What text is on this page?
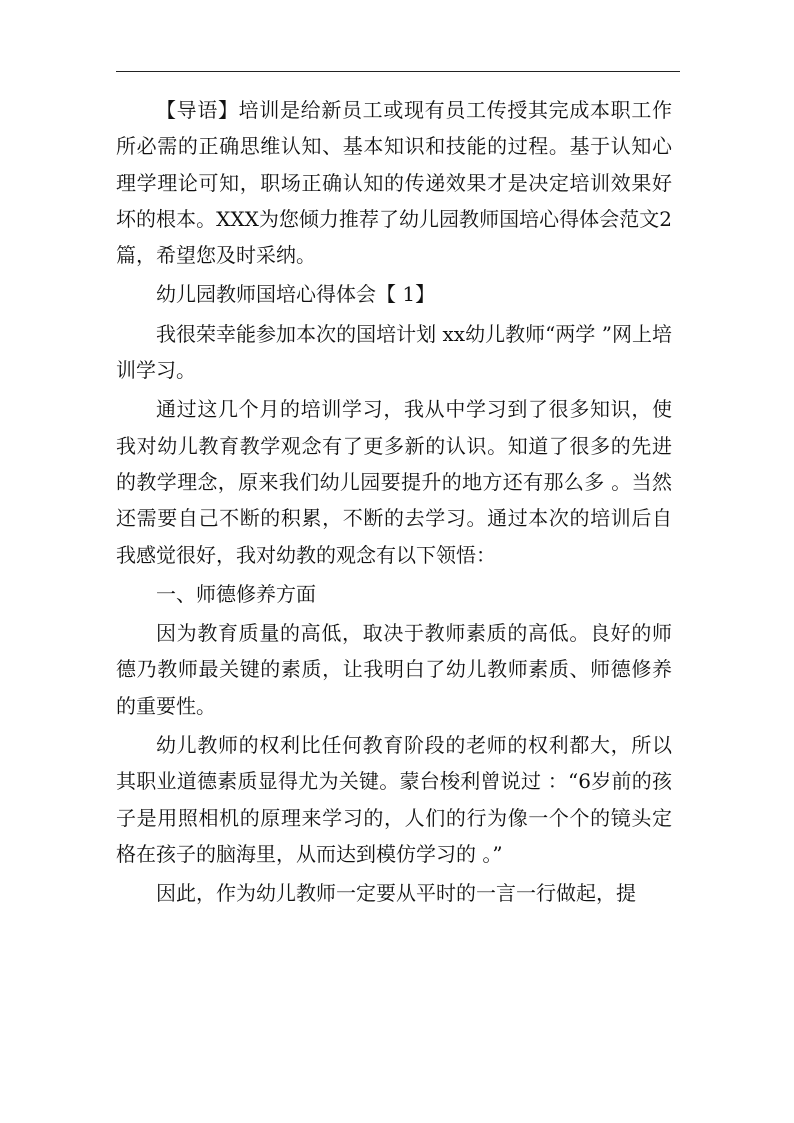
【导语】培训是给新员工或现有员工传授其完成本职工作所必需的正确思维认知、基本知识和技能的过程。基于认知心理学理论可知，职场正确认知的传递效果才是决定培训效果好坏的根本。XXX为您倾力推荐了幼儿园教师国培心得体会范文2篇，希望您及时采纳。

幼儿园教师国培心得体会【 1】

我很荣幸能参加本次的国培计划 xx幼儿教师“两学 ”网上培训学习。

通过这几个月的培训学习，我从中学习到了很多知识，使我对幼儿教育教学观念有了更多新的认识。知道了很多的先进的教学理念，原来我们幼儿园要提升的地方还有那么多 。当然还需要自己不断的积累，不断的去学习。通过本次的培训后自我感觉很好，我对幼教的观念有以下领悟：

一、师德修养方面

因为教育质量的高低，取决于教师素质的高低。良好的师德乃教师最关键的素质，让我明白了幼儿教师素质、师德修养的重要性。

幼儿教师的权利比任何教育阶段的老师的权利都大，所以其职业道德素质显得尤为关键。蒙台梭利曾说过 ：“6岁前的孩子是用照相机的原理来学习的，人们的行为像一个个的镜头定格在孩子的脑海里，从而达到模仿学习的 。”

因此，作为幼儿教师一定要从平时的一言一行做起，提
